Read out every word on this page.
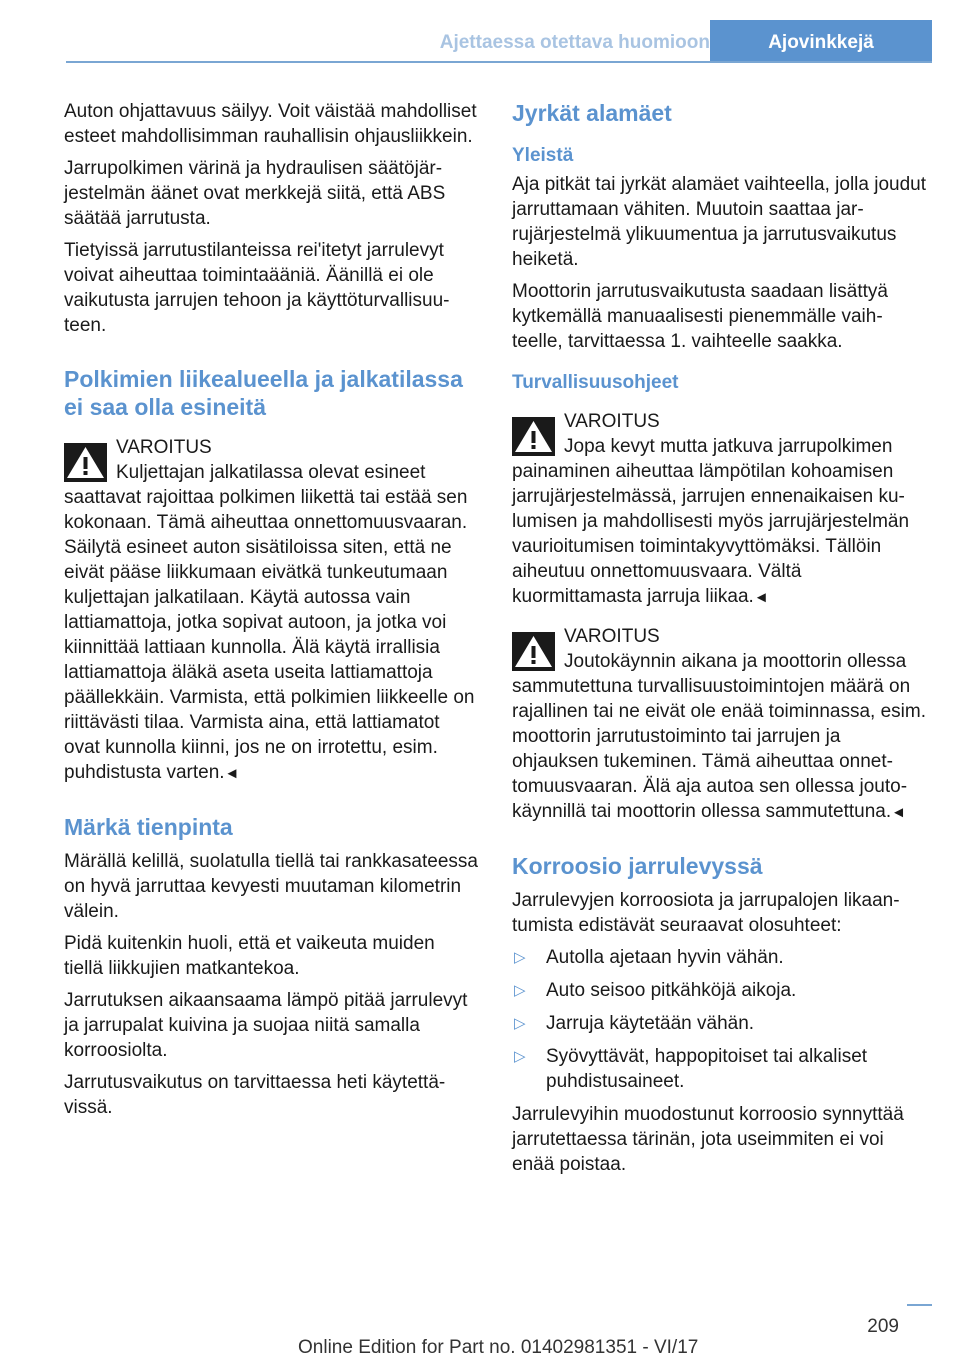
Ajettaessa otettava huomioon	Ajovinkkejä

Auton ohjattavuus säilyy. Voit väistää mahdolliset esteet mahdollisimman rauhallisin ohjausliikkein.

Jarrupolkimen värinä ja hydraulisen säätöjärjestelmän äänet ovat merkkejä siitä, että ABS säätää jarrutusta.

Tietyissä jarrutustilanteissa rei'itetyt jarrulevyt voivat aiheuttaa toimintaääniä. Äänillä ei ole vaikutusta jarrujen tehoon ja käyttöturvallisuuteen.

Polkimien liikealueella ja jalkatilassa ei saa olla esineitä
VAROITUS
Kuljettajan jalkatilassa olevat esineet

saattavat rajoittaa polkimen liikettä tai estää sen kokonaan. Tämä aiheuttaa onnettomuusvaaran. Säilytä esineet auton sisätiloissa siten, että ne eivät pääse liikkumaan eivätkä tunkeutumaan kuljettajan jalkatilaan. Käytä autossa vain lattiamattoja, jotka sopivat autoon, ja jotka voi kiinnittää lattiaan kunnolla. Älä käytä irrallisia lattiamattoja äläkä aseta useita lattiamattoja päällekkäin. Varmista, että polkimien liikkeelle on riittävästi tilaa. Varmista aina, että lattiamatot ovat kunnolla kiinni, jos ne on irrotettu, esim. puhdistusta varten.◄

Märkä tienpinta

Märällä kelillä, suolatulla tiellä tai rankkasateessa on hyvä jarruttaa kevyesti muutaman kilometrin välein.

Pidä kuitenkin huoli, että et vaikeuta muiden tiellä liikkujien matkantekoa.

Jarrutuksen aikaansaama lämpö pitää jarrulevyt ja jarrupalat kuivina ja suojaa niitä samalla korroosiolta.

Jarrutusvaikutus on tarvittaessa heti käytettävissä.

Jyrkät alamäet
Yleistä

Aja pitkät tai jyrkät alamäet vaihteella, jolla joudut jarruttamaan vähiten. Muutoin saattaa jarrujärjestelmä ylikuumentua ja jarrutusvaikutus heiketä.

Moottorin jarrutusvaikutusta saadaan lisättyä kytkemällä manuaalisesti pienemmälle vaihteelle, tarvittaessa 1. vaihteelle saakka.

Turvallisuusohjeet
VAROITUS
Jopa kevyt mutta jatkuva jarrupolkimen

painaminen aiheuttaa lämpötilan kohoamisen jarrujärjestelmässä, jarrujen ennenaikaisen kulumisen ja mahdollisesti myös jarrujärjestelmän vaurioitumisen toimintakyvyttömäksi. Tällöin aiheutuu onnettomuusvaara. Vältä kuormittamasta jarruja liikaa.◄

VAROITUS
Joutokäynnin aikana ja moottorin ollessa

sammutettuna turvallisuustoimintojen määrä on rajallinen tai ne eivät ole enää toiminnassa, esim. moottorin jarrutustoiminto tai jarrujen ja ohjauksen tukeminen. Tämä aiheuttaa onnettomuusvaaran. Älä aja autoa sen ollessa joutokäynnillä tai moottorin ollessa sammutettuna.◄

Korroosio jarrulevyssä

Jarrulevyjen korroosiota ja jarrupalojen likaantumista edistävät seuraavat olosuhteet:

▷ Autolla ajetaan hyvin vähän.
▷ Auto seisoo pitkähköjä aikoja.
▷ Jarruja käytetään vähän.
▷ Syövyttävät, happopitoiset tai alkaliset puhdistusaineet.

Jarrulevyihin muodostunut korroosio synnyttää jarrutettaessa tärinän, jota useimmiten ei voi enää poistaa.

209
Online Edition for Part no. 01402981351 - VI/17
